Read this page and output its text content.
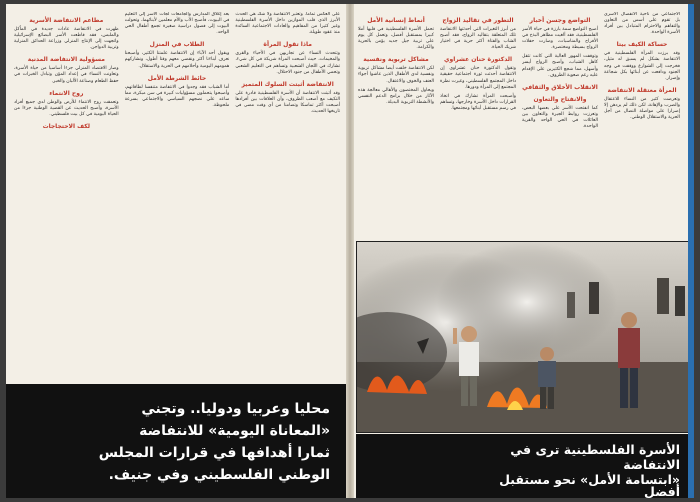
على العكس تماما. وتعتبر الانتفاضة ولا شك هي الحدث الأبرز الذي قلب الموازين داخل الأسرة الفلسطينية وغير كثيرا من المفاهيم والعادات الاجتماعية السائدة منذ عقود طويلة.

ماذا تقول المرأة

وتتحدث النساء عن تجاربهن في الأحياء والقرى والمخيمات، حيث أصبحت المرأة شريكة في كل شيء، تشارك في اللجان الشعبية وتساهم في التعليم الشعبي وتحمي الأطفال من جنود الاحتلال.

الانتفاضة أثبتت السلوك المتميز

وقد أثبتت الانتفاضة أن الأسرة الفلسطينية قادرة على التكيف مع أصعب الظروف، وأن العلاقات بين أفرادها أصبحت أكثر تماسكا وتضامنا من أي وقت مضى في تاريخها الحديث.

بعد إغلاق المدارس والجامعات لجأت الأسر إلى التعليم في البيوت، فأصبح الأب والأم معلمين لأبنائهما، وتحولت البيوت إلى فصول دراسية صغيرة تجمع أطفال الحي الواحد.

الطلاب في المنزل

ويقول أحد الآباء إن الانتفاضة علمتنا الكثير، وأصبحنا نعرف أبناءنا أكثر ونقضي معهم وقتا أطول، ونشاركهم همومهم اليومية وأحلامهم في الحرية والاستقلال.

حائط الشرطة الأمل

أما الشباب فقد وجدوا في الانتفاضة متنفسا لطاقاتهم، وأصبحوا يتحملون مسؤوليات كبيرة في سن مبكرة، مما ساعد على نضجهم السياسي والاجتماعي بسرعة ملحوظة.

مطاعم الانتفاضة الأسرية

ظهرت في الانتفاضة عادات جديدة في المأكل والملبس، فقد قاطعت الأسر البضائع الإسرائيلية واتجهت إلى الإنتاج المنزلي وزراعة الحدائق المنزلية وتربية الدواجن.

مسؤولية الانتفاضة المدنية

وصار الاقتصاد المنزلي جزءا أساسيا من حياة الأسرة، وتعاونت النساء في إعداد المؤن وتبادل الخبرات في حفظ الطعام وصناعة الألبان والخبز.

روح الانتماء

وتعمقت روح الانتماء للأرض والوطن لدى جميع أفراد الأسرة، وأصبح الحديث عن القضية الوطنية جزءا من الحياة اليومية في كل بيت فلسطيني.

لكف الاحتجاجات
محليا وعربيا ودوليا.. وتجني
«المعاناة اليومية» للانتفاضة
ثمارا أهدافها في قرارات المجلس
الوطني الفلسطيني وفي جنيف.

الاجتماعي من ناحية الانفصال الأسري بل تقوم على أسس من التعاون والتفاهم والاحترام المتبادل بين أفراد الأسرة الواحدة.

حساكة الكيف بيتا

وقد برزت المرأة الفلسطينية في الانتفاضة بشكل لم يسبق له مثيل، فخرجت إلى الشوارع ووقفت في وجه الجنود ودافعت عن أبنائها بكل شجاعة وإصرار.

المرأة معتقلة الانتفاضة

وتعرضت كثير من النساء للاعتقال والضرب والإهانة، لكن ذلك لم يزدهن إلا إصرارا على مواصلة النضال من أجل الحرية والاستقلال الوطني.

التواضع وجسن أخبار

أصبح التواضع سمة بارزة في حياة الأسر الفلسطينية، فقد ألغيت مظاهر البذخ في الأفراح والمناسبات، وصارت حفلات الزواج بسيطة ومختصرة.

وتوقفت المهور العالية التي كانت تثقل كاهل الشباب، وأصبح الزواج أيسر وأسهل، مما شجع الكثيرين على الإقدام عليه رغم صعوبة الظروف.

الانقلاب الأخلاق والثقافي
والانفتاح والتعاون

كما انفتحت الأسر على بعضها البعض، وتعززت روابط الجيرة والتعاون بين العائلات في الحي الواحد والقرية الواحدة.

التطور في تقاليد الزواج

من أبرز التغيرات التي أحدثتها الانتفاضة تلك المتعلقة بتقاليد الزواج، فقد أصبح الشاب والفتاة أكثر حرية في اختيار شريك الحياة.

الدكتورة حنان عشراوي

وتقول الدكتورة حنان عشراوي إن الانتفاضة أحدثت ثورة اجتماعية حقيقية داخل المجتمع الفلسطيني، وغيرت نظرة المجتمع إلى المرأة ودورها.

وأصبحت المرأة تشارك في اتخاذ القرارات داخل الأسرة وخارجها، وتساهم في رسم مستقبل أبنائها ومجتمعها.

أنماط إنسانية الأمل

تحمل الأسرة الفلسطينية في قلبها أملا كبيرا بمستقبل أفضل، وتعمل كل يوم على تربية جيل جديد يؤمن بالحرية والكرامة.

مشاكل تربوية ونفسية

لكن الانتفاضة خلفت أيضا مشاكل تربوية ونفسية لدى الأطفال الذين عاشوا أجواء العنف والخوف والاعتقال.

ويحاول المختصون والأهالي معالجة هذه الآثار من خلال برامج الدعم النفسي والأنشطة التربوية البديلة.

الأسرة الفلسطينية ترى في
الانتفاضة
«ابتسامة الأمل» نحو مستقبل
أفضل
